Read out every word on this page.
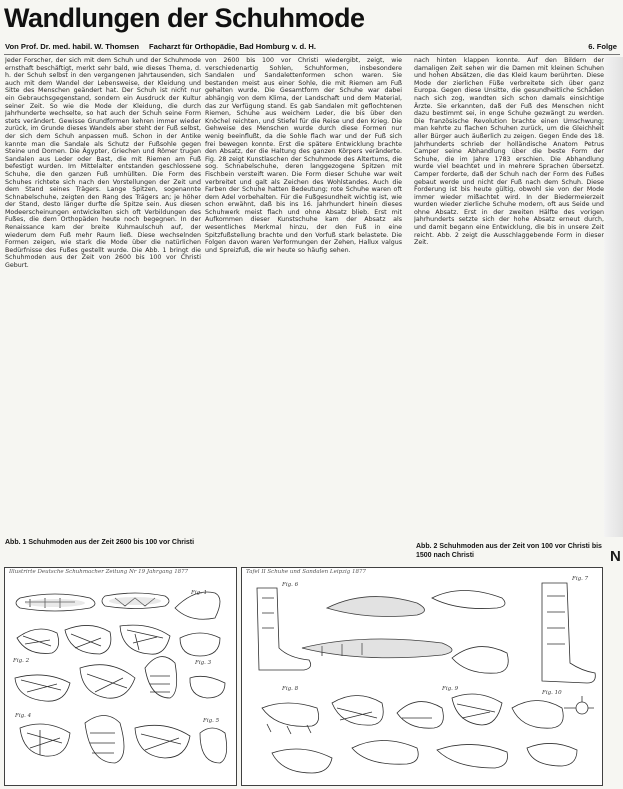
Wandlungen der Schuhmode
Von Prof. Dr. med. habil. W. Thomsen Facharzt für Orthopädie, Bad Homburg v. d. H.	6. Folge

Jeder Forscher, der sich mit dem Schuh und der Schuhmode ernsthaft beschäftigt, merkt sehr bald, wie dieses Thema, d. h. der Schuh selbst in den vergangenen Jahrtausenden, sich auch mit dem Wandel der Lebensweise, der Kleidung und Sitte des Menschen geändert hat. Der Schuh ist nicht nur ein Gebrauchsgegenstand, sondern ein Ausdruck der Kultur seiner Zeit. So wie die Mode der Kleidung, die durch Jahrhunderte wechselte, so hat auch der Schuh seine Form stets verändert. Gewisse Grundformen kehren immer wieder zurück, im Grunde dieses Wandels aber steht der Fuß selbst, der sich dem Schuh anpassen muß. Schon in der Antike kannte man die Sandale als Schutz der Fußsohle gegen Steine und Dornen. Die Ägypter, Griechen und Römer trugen Sandalen aus Leder oder Bast, die mit Riemen am Fuß befestigt wurden. Im Mittelalter entstanden geschlossene Schuhe, die den ganzen Fuß umhüllten. Die Form des Schuhes richtete sich nach den Vorstellungen der Zeit und dem Stand seines Trägers. Lange Spitzen, sogenannte Schnabelschuhe, zeigten den Rang des Trägers an; je höher der Stand, desto länger durfte die Spitze sein. Aus diesen Modeerscheinungen entwickelten sich oft Verbildungen des Fußes, die dem Orthopäden heute noch begegnen. In der Renaissance kam der breite Kuhmaulschuh auf, der wiederum dem Fuß mehr Raum ließ. Diese wechselnden Formen zeigen, wie stark die Mode über die natürlichen Bedürfnisse des Fußes gestellt wurde. Die Abb. 1 bringt die Schuhmoden aus der Zeit von 2600 bis 100 vor Christi Geburt.

von 2600 bis 100 vor Christi wiedergibt, zeigt, wie verschiedenartig Sohlen, Schuhformen, insbesondere Sandalen und Sandalettenformen schon waren. Sie bestanden meist aus einer Sohle, die mit Riemen am Fuß gehalten wurde. Die Gesamtform der Schuhe war dabei abhängig von dem Klima, der Landschaft und dem Material, das zur Verfügung stand. Es gab Sandalen mit geflochtenen Riemen, Schuhe aus weichem Leder, die bis über den Knöchel reichten, und Stiefel für die Reise und den Krieg. Die Gehweise des Menschen wurde durch diese Formen nur wenig beeinflußt, da die Sohle flach war und der Fuß sich frei bewegen konnte. Erst die spätere Entwicklung brachte den Absatz, der die Haltung des ganzen Körpers veränderte. Fig. 28 zeigt Kunstlaschen der Schuhmode des Altertums, die sog. Schnabelschuhe, deren langgezogene Spitzen mit Fischbein versteift waren. Die Form dieser Schuhe war weit verbreitet und galt als Zeichen des Wohlstandes. Auch die Farben der Schuhe hatten Bedeutung; rote Schuhe waren oft dem Adel vorbehalten. Für die Fußgesundheit wichtig ist, wie schon erwähnt, daß bis ins 16. Jahrhundert hinein dieses Schuhwerk meist flach und ohne Absatz blieb. Erst mit Aufkommen dieser Kunstschuhe kam der Absatz als wesentliches Merkmal hinzu, der den Fuß in eine Spitzfußstellung brachte und den Vorfuß stark belastete. Die Folgen davon waren Verformungen der Zehen, Hallux valgus und Spreizfuß, die wir heute so häufig sehen.

nach hinten klappen konnte. Auf den Bildern der damaligen Zeit sehen wir die Damen mit kleinen Schuhen und hohen Absätzen, die das Kleid kaum berührten. Diese Mode der zierlichen Füße verbreitete sich über ganz Europa. Gegen diese Unsitte, die gesundheitliche Schäden nach sich zog, wandten sich schon damals einsichtige Ärzte. Sie erkannten, daß der Fuß des Menschen nicht dazu bestimmt sei, in enge Schuhe gezwängt zu werden. Die französische Revolution brachte einen Umschwung; man kehrte zu flachen Schuhen zurück, um die Gleichheit aller Bürger auch äußerlich zu zeigen. Gegen Ende des 18. Jahrhunderts schrieb der holländische Anatom Petrus Camper seine Abhandlung über die beste Form der Schuhe, die im Jahre 1783 erschien. Die Abhandlung wurde viel beachtet und in mehrere Sprachen übersetzt. Camper forderte, daß der Schuh nach der Form des Fußes gebaut werde und nicht der Fuß nach dem Schuh. Diese Forderung ist bis heute gültig, obwohl sie von der Mode immer wieder mißachtet wird. In der Biedermeierzeit wurden wieder zierliche Schuhe modern, oft aus Seide und ohne Absatz. Erst in der zweiten Hälfte des vorigen Jahrhunderts setzte sich der hohe Absatz erneut durch, und damit begann eine Entwicklung, die bis in unsere Zeit reicht. Abb. 2 zeigt die Ausschlaggebende Form in dieser Zeit.

N
Abb. 1 Schuhmoden aus der Zeit 2600 bis 100 vor Christi
Abb. 2 Schuhmoden aus der Zeit von 100 vor Christi bis 1500 nach Christi
Illustrirte Deutsche Schuhmacher Zeitung Nr 19 Jahrgang 1877
Fig. 1
Fig. 2	Fig. 3
Fig. 4
Fig. 5
Tafel II Schuhe und Sandalen Leipzig 1877
Fig. 6
Fig. 7
Fig. 8	Fig. 9
Fig. 10
